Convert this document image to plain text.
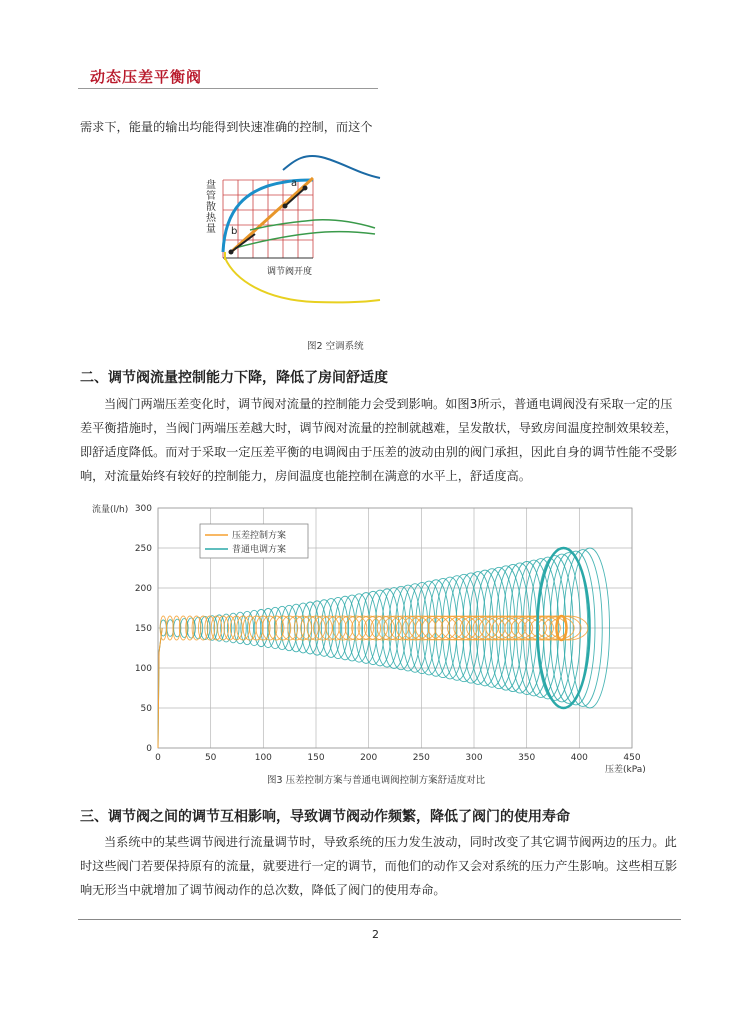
动态压差平衡阀
需求下，能量的输出均能得到快速准确的控制，而这个
a
b
调节阀开度
盘管散热量
图2 空调系统
二、调节阀流量控制能力下降，降低了房间舒适度
当阀门两端压差变化时，调节阀对流量的控制能力会受到影响。如图3所示，普通电调阀没有采取一定的压差平衡措施时，当阀门两端压差越大时，调节阀对流量的控制就越难，呈发散状，导致房间温度控制效果较差，即舒适度降低。而对于采取一定压差平衡的电调阀由于压差的波动由别的阀门承担，因此自身的调节性能不受影响，对流量始终有较好的控制能力，房间温度也能控制在满意的水平上，舒适度高。
0	50	100	150	200	250	300	350	400	450
0
50
100
150
200
250
300
流量(l/h)
压差(kPa)
压差控制方案
普通电调方案
图3 压差控制方案与普通电调阀控制方案舒适度对比
三、调节阀之间的调节互相影响，导致调节阀动作频繁，降低了阀门的使用寿命
当系统中的某些调节阀进行流量调节时，导致系统的压力发生波动，同时改变了其它调节阀两边的压力。此时这些阀门若要保持原有的流量，就要进行一定的调节，而他们的动作又会对系统的压力产生影响。这些相互影响无形当中就增加了调节阀动作的总次数，降低了阀门的使用寿命。
2
